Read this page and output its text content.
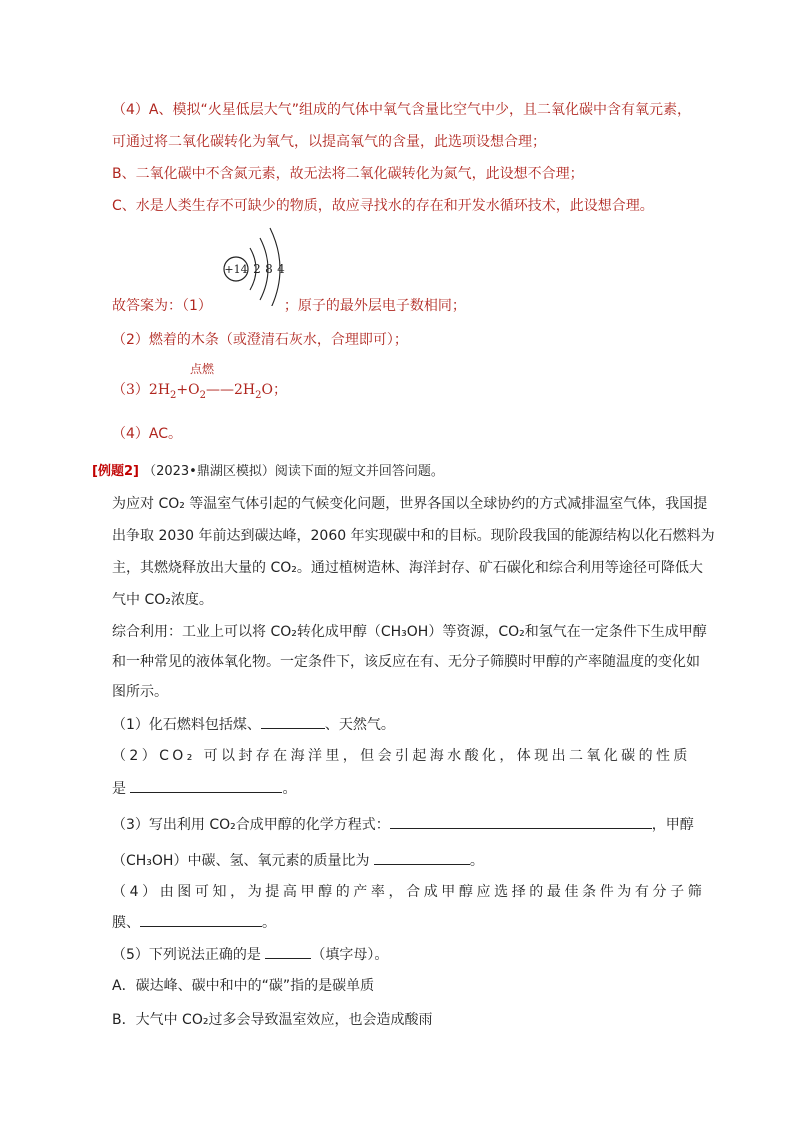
（4）A、模拟“火星低层大气”组成的气体中氧气含量比空气中少，且二氧化碳中含有氧元素，
可通过将二氧化碳转化为氧气，以提高氧气的含量，此选项设想合理；
B、二氧化碳中不含氮元素，故无法将二氧化碳转化为氮气，此设想不合理；
C、水是人类生存不可缺少的物质，故应寻找水的存在和开发水循环技术，此设想合理。
+14 2 8 4
故答案为：（1）	；原子的最外层电子数相同；
（2）燃着的木条（或澄清石灰水，合理即可）；
点燃
$(3)2H_2+O_2——2H_2O$；
（4）AC。
[例题2] （2023•鼎湖区模拟）阅读下面的短文并回答问题。
为应对 CO₂ 等温室气体引起的气候变化问题，世界各国以全球协约的方式减排温室气体，我国提
出争取 2030 年前达到碳达峰，2060 年实现碳中和的目标。现阶段我国的能源结构以化石燃料为
主，其燃烧释放出大量的 CO₂。通过植树造林、海洋封存、矿石碳化和综合利用等途径可降低大
气中 CO₂浓度。
综合利用：工业上可以将 CO₂转化成甲醇（CH₃OH）等资源，CO₂和氢气在一定条件下生成甲醇
和一种常见的液体氧化物。一定条件下，该反应在有、无分子筛膜时甲醇的产率随温度的变化如
图所示。
（1）化石燃料包括煤、	、天然气。
（2）CO₂ 可以封存在海洋里，但会引起海水酸化，体现出二氧化碳的性质
是	。
（3）写出利用 CO₂合成甲醇的化学方程式：	，甲醇
（CH₃OH）中碳、氢、氧元素的质量比为	。
（4）由图可知，为提高甲醇的产率，合成甲醇应选择的最佳条件为有分子筛
膜、	。
（5）下列说法正确的是	（填字母）。
A．碳达峰、碳中和中的“碳”指的是碳单质
B．大气中 CO₂过多会导致温室效应，也会造成酸雨
